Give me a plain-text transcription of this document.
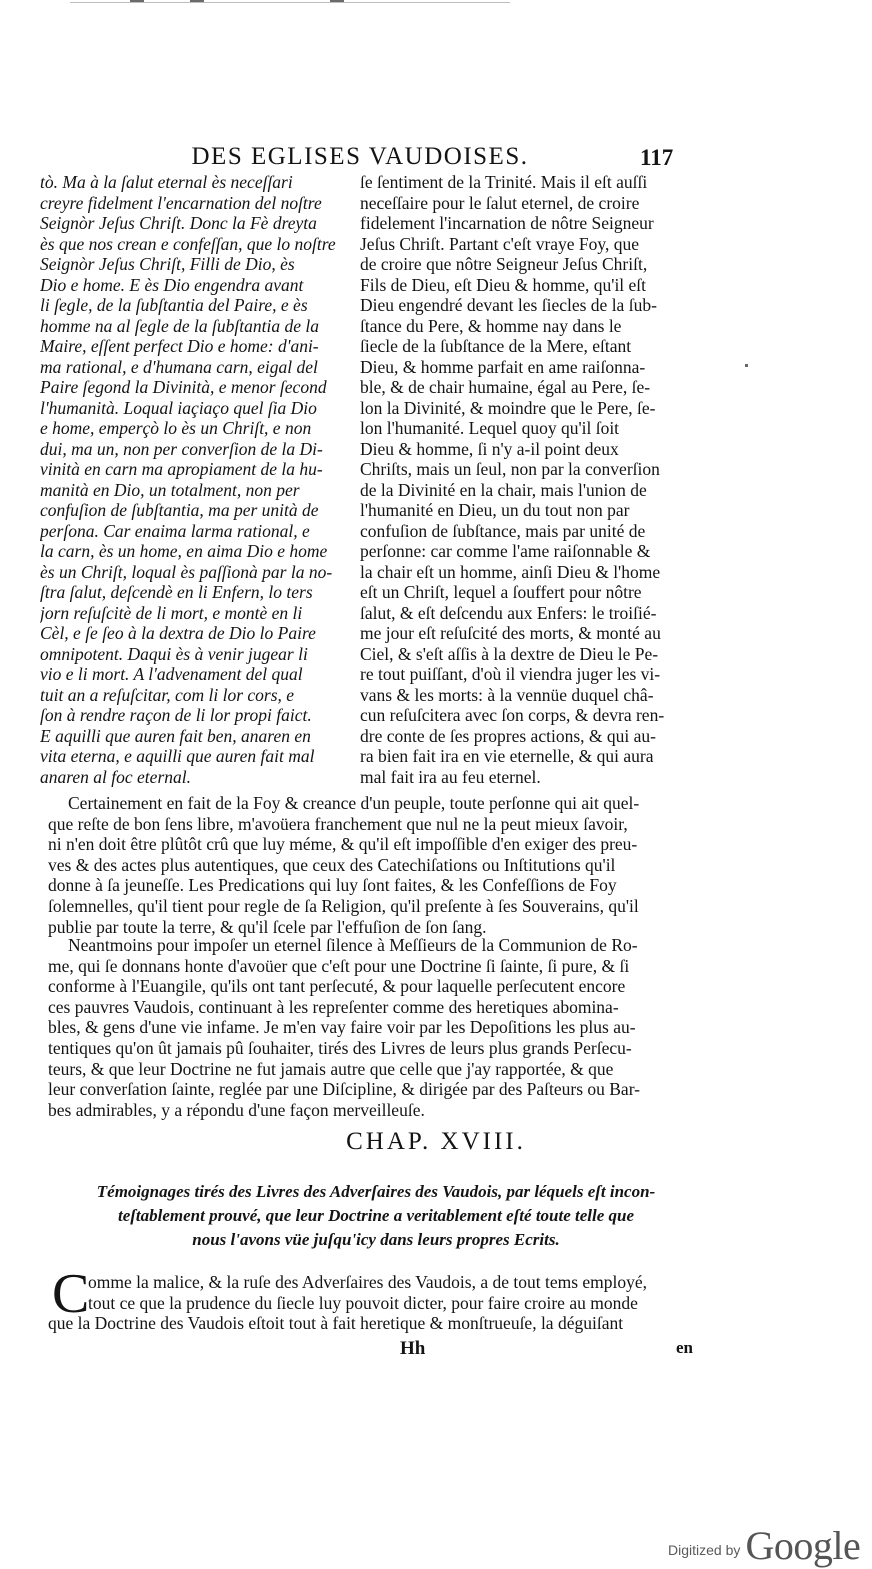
DES EGLISES VAUDOISES.	117
tò. Ma à la ſalut eternal ès neceſſari
creyre fidelment l'encarnation del noſtre
Seignòr Jeſus Chriſt. Donc la Fè dreyta
ès que nos crean e confeſſan, que lo noſtre
Seignòr Jeſus Chriſt, Filli de Dio, ès
Dio e home. E ès Dio engendra avant
li ſegle, de la ſubſtantia del Paire, e ès
homme na al ſegle de la ſubſtantia de la
Maire, eſſent perfect Dio e home: d'ani-
ma rational, e d'humana carn, eigal del
Paire ſegond la Divinità, e menor ſecond
l'humanità. Loqual iaçiaço quel ſia Dio
e home, emperçò lo ès un Chriſt, e non
dui, ma un, non per converſion de la Di-
vinità en carn ma apropiament de la hu-
manità en Dio, un totalment, non per
confuſion de ſubſtantia, ma per unità de
perſona. Car enaima larma rational, e
la carn, ès un home, en aima Dio e home
ès un Chriſt, loqual ès paſſionà par la no-
ſtra ſalut, deſcendè en li Enfern, lo ters
jorn reſuſcitè de li mort, e montè en li
Cèl, e ſe ſeo à la dextra de Dio lo Paire
omnipotent. Daqui ès à venir jugear li
vio e li mort. A l'advenament del qual
tuit an a reſuſcitar, com li lor cors, e
ſon à rendre raçon de li lor propi faict.
E aquilli que auren fait ben, anaren en
vita eterna, e aquilli que auren fait mal
anaren al foc eternal.
ſe ſentiment de la Trinité. Mais il eſt auſſi
neceſſaire pour le ſalut eternel, de croire
fidelement l'incarnation de nôtre Seigneur
Jeſus Chriſt. Partant c'eſt vraye Foy, que
de croire que nôtre Seigneur Jeſus Chriſt,
Fils de Dieu, eſt Dieu & homme, qu'il eſt
Dieu engendré devant les ſiecles de la ſub-
ſtance du Pere, & homme nay dans le
ſiecle de la ſubſtance de la Mere, eſtant
Dieu, & homme parfait en ame raiſonna-
ble, & de chair humaine, égal au Pere, ſe-
lon la Divinité, & moindre que le Pere, ſe-
lon l'humanité. Lequel quoy qu'il ſoit
Dieu & homme, ſi n'y a-il point deux
Chriſts, mais un ſeul, non par la converſion
de la Divinité en la chair, mais l'union de
l'humanité en Dieu, un du tout non par
confuſion de ſubſtance, mais par unité de
perſonne: car comme l'ame raiſonnable &
la chair eſt un homme, ainſi Dieu & l'home
eſt un Chriſt, lequel a ſouffert pour nôtre
ſalut, & eſt deſcendu aux Enfers: le troiſié-
me jour eſt reſuſcité des morts, & monté au
Ciel, & s'eſt aſſis à la dextre de Dieu le Pe-
re tout puiſſant, d'où il viendra juger les vi-
vans & les morts: à la vennüe duquel châ-
cun reſuſcitera avec ſon corps, & devra ren-
dre conte de ſes propres actions, & qui au-
ra bien fait ira en vie eternelle, & qui aura
mal fait ira au feu eternel.
Certainement en fait de la Foy & creance d'un peuple, toute perſonne qui ait quel-
que reſte de bon ſens libre, m'avoüera franchement que nul ne la peut mieux ſavoir,
ni n'en doit être plûtôt crû que luy méme, & qu'il eſt impoſſible d'en exiger des preu-
ves & des actes plus autentiques, que ceux des Catechiſations ou Inſtitutions qu'il
donne à ſa jeuneſſe. Les Predications qui luy ſont faites, & les Confeſſions de Foy
ſolemnelles, qu'il tient pour regle de ſa Religion, qu'il preſente à ſes Souverains, qu'il
publie par toute la terre, & qu'il ſcele par l'effuſion de ſon ſang.
Neantmoins pour impoſer un eternel ſilence à Meſſieurs de la Communion de Ro-
me, qui ſe donnans honte d'avoüer que c'eſt pour une Doctrine ſi ſainte, ſi pure, & ſi
conforme à l'Euangile, qu'ils ont tant perſecuté, & pour laquelle perſecutent encore
ces pauvres Vaudois, continuant à les repreſenter comme des heretiques abomina-
bles, & gens d'une vie infame. Je m'en vay faire voir par les Depoſitions les plus au-
tentiques qu'on ût jamais pû ſouhaiter, tirés des Livres de leurs plus grands Perſecu-
teurs, & que leur Doctrine ne fut jamais autre que celle que j'ay rapportée, & que
leur converſation ſainte, reglée par une Diſcipline, & dirigée par des Paſteurs ou Bar-
bes admirables, y a répondu d'une façon merveilleuſe.
CHAP. XVIII.
Témoignages tirés des Livres des Adverſaires des Vaudois, par léquels eſt incon-
teſtablement prouvé, que leur Doctrine a veritablement eſté toute telle que
nous l'avons vüe juſqu'icy dans leurs propres Ecrits.
C
omme la malice, & la ruſe des Adverſaires des Vaudois, a de tout tems employé,
tout ce que la prudence du ſiecle luy pouvoit dicter, pour faire croire au monde
que la Doctrine des Vaudois eſtoit tout à fait heretique & monſtrueuſe, la déguiſant
Hh	en
Digitized by Google
